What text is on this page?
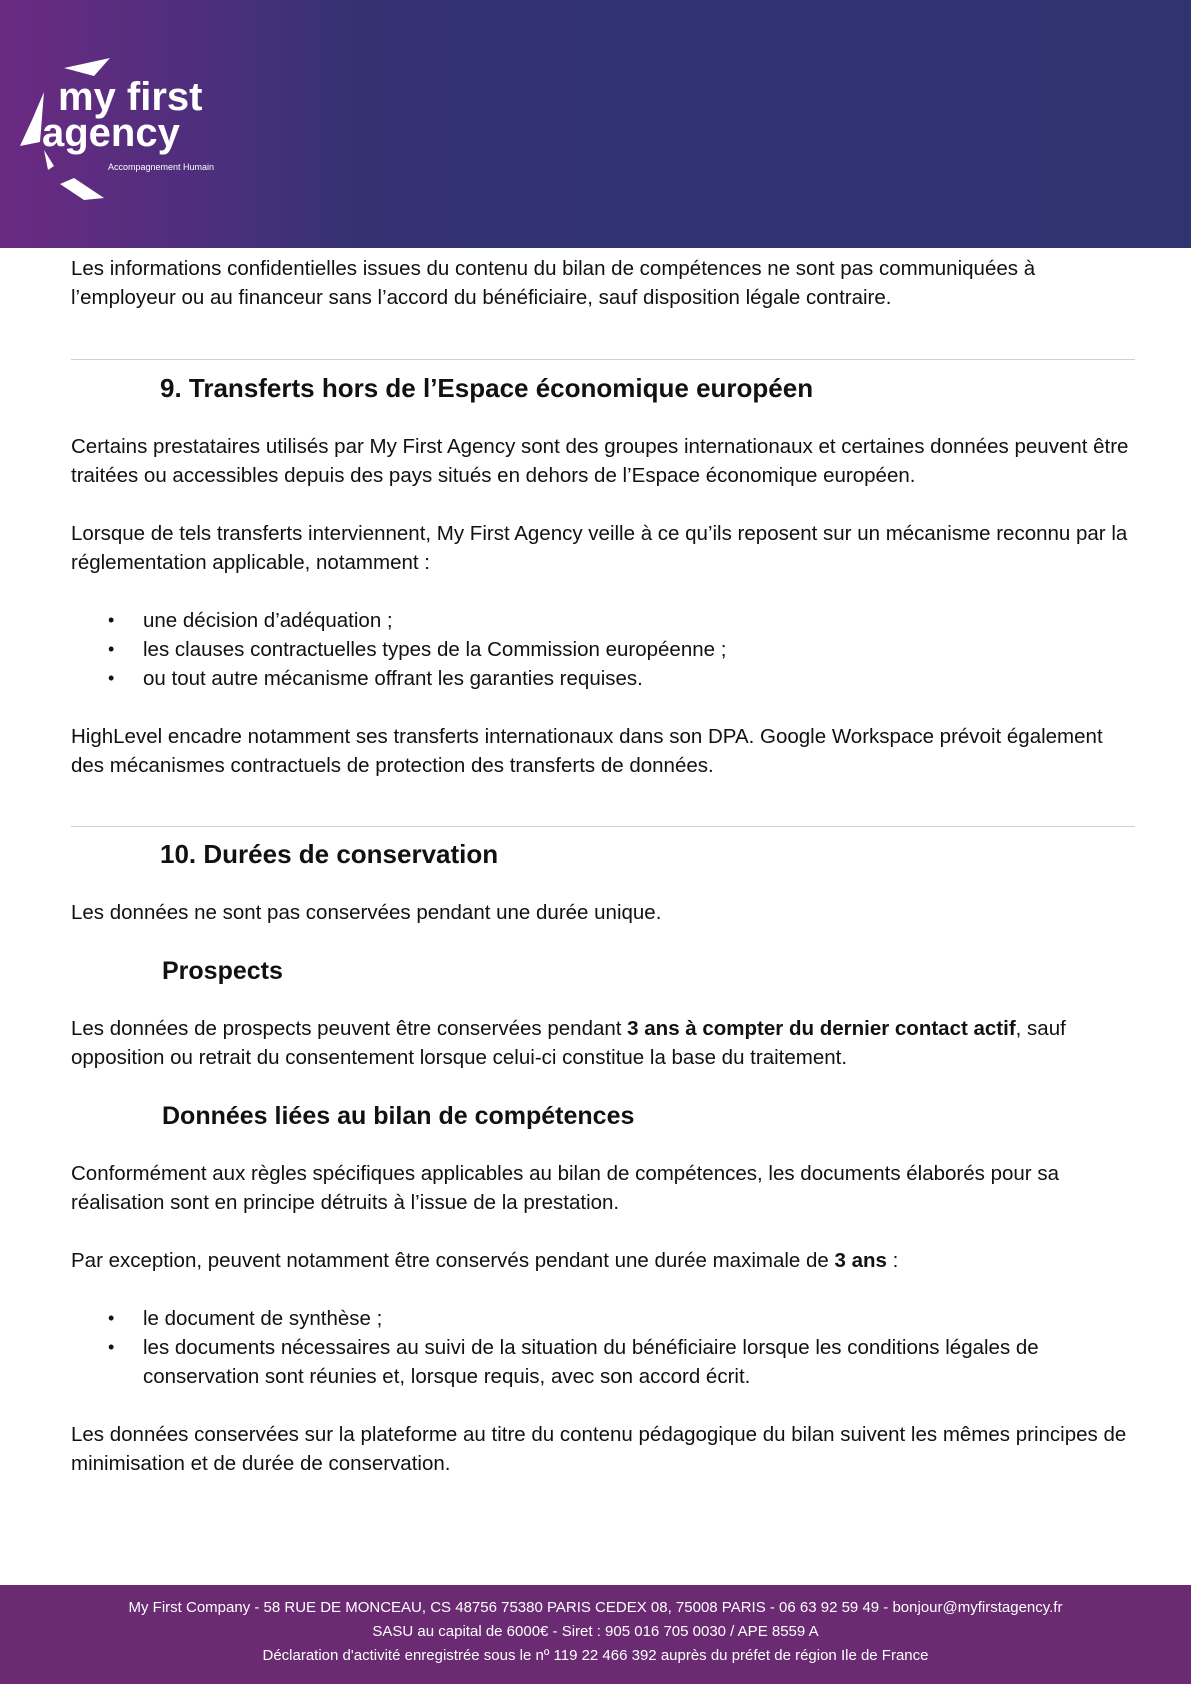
my first
agency
Accompagnement Humain

Les informations confidentielles issues du contenu du bilan de compétences ne sont pas communiquées à l’employeur ou au financeur sans l’accord du bénéficiaire, sauf disposition légale contraire.

9. Transferts hors de l’Espace économique européen

Certains prestataires utilisés par My First Agency sont des groupes internationaux et certaines données peuvent être traitées ou accessibles depuis des pays situés en dehors de l’Espace économique européen.

Lorsque de tels transferts interviennent, My First Agency veille à ce qu’ils reposent sur un mécanisme reconnu par la réglementation applicable, notamment :

• une décision d’adéquation ;
• les clauses contractuelles types de la Commission européenne ;
• ou tout autre mécanisme offrant les garanties requises.

HighLevel encadre notamment ses transferts internationaux dans son DPA. Google Workspace prévoit également des mécanismes contractuels de protection des transferts de données.

10. Durées de conservation

Les données ne sont pas conservées pendant une durée unique.

Prospects

Les données de prospects peuvent être conservées pendant 3 ans à compter du dernier contact actif, sauf opposition ou retrait du consentement lorsque celui-ci constitue la base du traitement.

Données liées au bilan de compétences

Conformément aux règles spécifiques applicables au bilan de compétences, les documents élaborés pour sa réalisation sont en principe détruits à l’issue de la prestation.

Par exception, peuvent notamment être conservés pendant une durée maximale de 3 ans :

• le document de synthèse ;
• les documents nécessaires au suivi de la situation du bénéficiaire lorsque les conditions légales de conservation sont réunies et, lorsque requis, avec son accord écrit.

Les données conservées sur la plateforme au titre du contenu pédagogique du bilan suivent les mêmes principes de minimisation et de durée de conservation.

My First Company - 58 RUE DE MONCEAU, CS 48756 75380 PARIS CEDEX 08, 75008 PARIS - 06 63 92 59 49 - bonjour@myfirstagency.fr
SASU au capital de 6000€ - Siret : 905 016 705 0030 / APE 8559 A
Déclaration d'activité enregistrée sous le nº 119 22 466 392 auprès du préfet de région Ile de France
